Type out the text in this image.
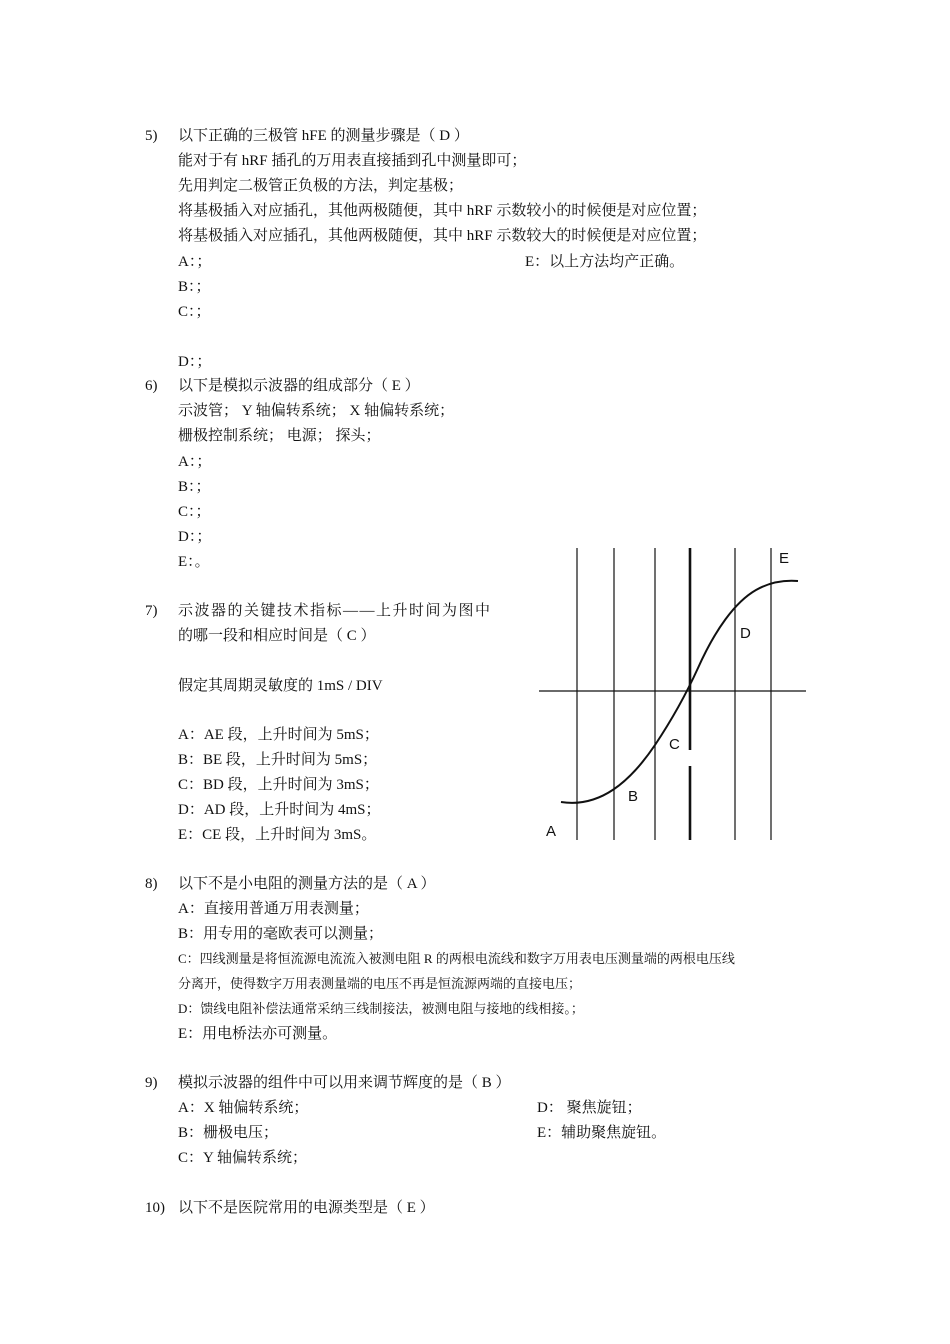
5) 以下正确的三极管 hFE 的测量步骤是（ D ）
能对于有 hRF 插孔的万用表直接插到孔中测量即可；
先用判定二极管正负极的方法，判定基极；
将基极插入对应插孔，其他两极随便，其中 hRF 示数较小的时候便是对应位置；
将基极插入对应插孔，其他两极随便，其中 hRF 示数较大的时候便是对应位置；
A：；	E：以上方法均产正确。
B：；
C：；
D：；
6) 以下是模拟示波器的组成部分（ E ）
示波管； Y 轴偏转系统； X 轴偏转系统；
栅极控制系统； 电源； 探头；
A：；
B：；
C：；
D：；
E：。
7) 示波器的关键技术指标——上升时间为图中
的哪一段和相应时间是（ C ）
假定其周期灵敏度的 1mS / DIV
A：AE 段，上升时间为 5mS；
B：BE 段，上升时间为 5mS；
C：BD 段，上升时间为 3mS；
D：AD 段，上升时间为 4mS；
E：CE 段，上升时间为 3mS。	A
B
C
D
E
8) 以下不是小电阻的测量方法的是（ A ）
A：直接用普通万用表测量；
B：用专用的毫欧表可以测量；
C：四线测量是将恒流源电流流入被测电阻 R 的两根电流线和数字万用表电压测量端的两根电压线
分离开，使得数字万用表测量端的电压不再是恒流源两端的直接电压；
D：馈线电阻补偿法通常采纳三线制接法，被测电阻与接地的线相接。；
E：用电桥法亦可测量。
9) 模拟示波器的组件中可以用来调节辉度的是（ B ）
A：X 轴偏转系统；	D： 聚焦旋钮；
B：栅极电压；	E：辅助聚焦旋钮。
C：Y 轴偏转系统；
10) 以下不是医院常用的电源类型是（ E ）
